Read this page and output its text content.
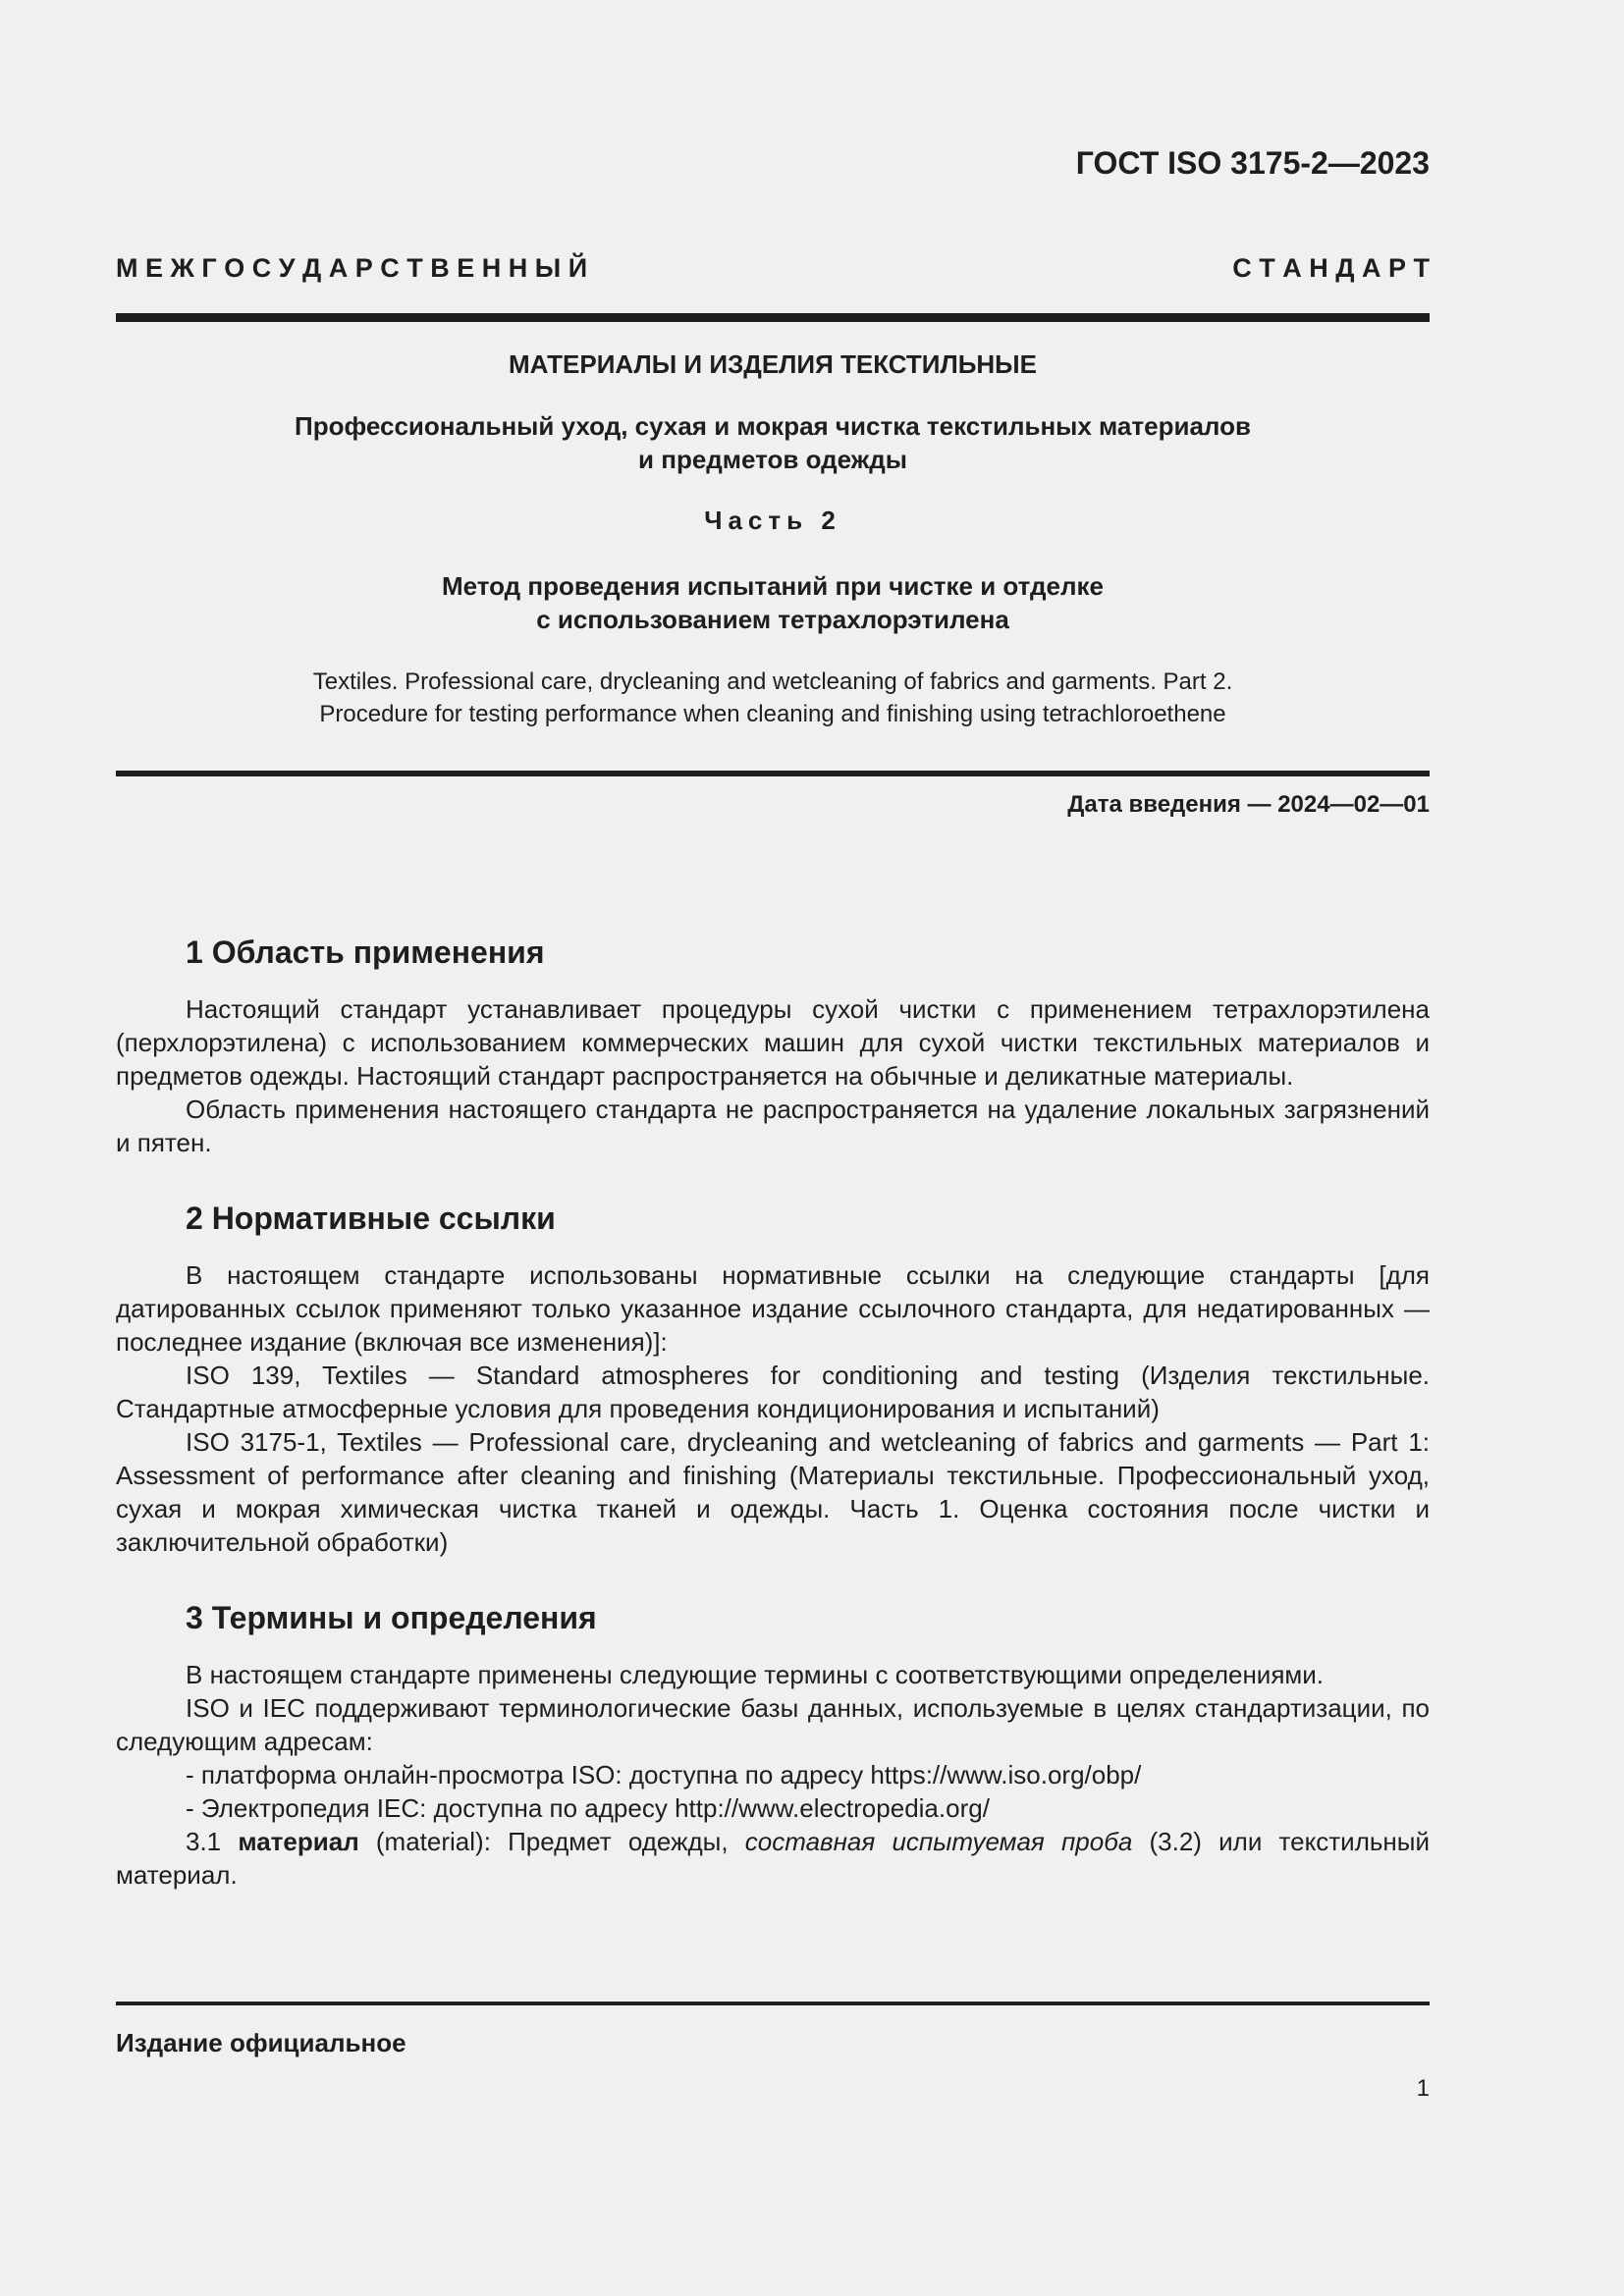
ГОСТ ISO 3175-2—2023
М Е Ж Г О С У Д А Р С Т В Е Н Н Ы Й	С Т А Н Д А Р Т

МАТЕРИАЛЫ И ИЗДЕЛИЯ ТЕКСТИЛЬНЫЕ

Профессиональный уход, сухая и мокрая чистка текстильных материалов
и предметов одежды

Часть 2

Метод проведения испытаний при чистке и отделке
с использованием тетрахлорэтилена

Textiles. Professional care, drycleaning and wetcleaning of fabrics and garments. Part 2.
Procedure for testing performance when cleaning and finishing using tetrachloroethene

Дата введения — 2024—02—01
1 Область применения

Настоящий стандарт устанавливает процедуры сухой чистки с применением тетрахлорэтилена (перхлорэтилена) с использованием коммерческих машин для сухой чистки текстильных материалов и предметов одежды. Настоящий стандарт распространяется на обычные и деликатные материалы.

Область применения настоящего стандарта не распространяется на удаление локальных загрязнений и пятен.

2 Нормативные ссылки

В настоящем стандарте использованы нормативные ссылки на следующие стандарты [для датированных ссылок применяют только указанное издание ссылочного стандарта, для недатированных — последнее издание (включая все изменения)]:

ISO 139, Textiles — Standard atmospheres for conditioning and testing (Изделия текстильные. Стандартные атмосферные условия для проведения кондиционирования и испытаний)

ISO 3175-1, Textiles — Professional care, drycleaning and wetcleaning of fabrics and garments — Part 1: Assessment of performance after cleaning and finishing (Материалы текстильные. Профессиональный уход, сухая и мокрая химическая чистка тканей и одежды. Часть 1. Оценка состояния после чистки и заключительной обработки)

3 Термины и определения

В настоящем стандарте применены следующие термины с соответствующими определениями.

ISO и IEC поддерживают терминологические базы данных, используемые в целях стандартизации, по следующим адресам:

- платформа онлайн-просмотра ISO: доступна по адресу https://www.iso.org/obp/

- Электропедия IEC: доступна по адресу http://www.electropedia.org/

3.1 материал (material): Предмет одежды, составная испытуемая проба (3.2) или текстильный материал.

Издание официальное
1
